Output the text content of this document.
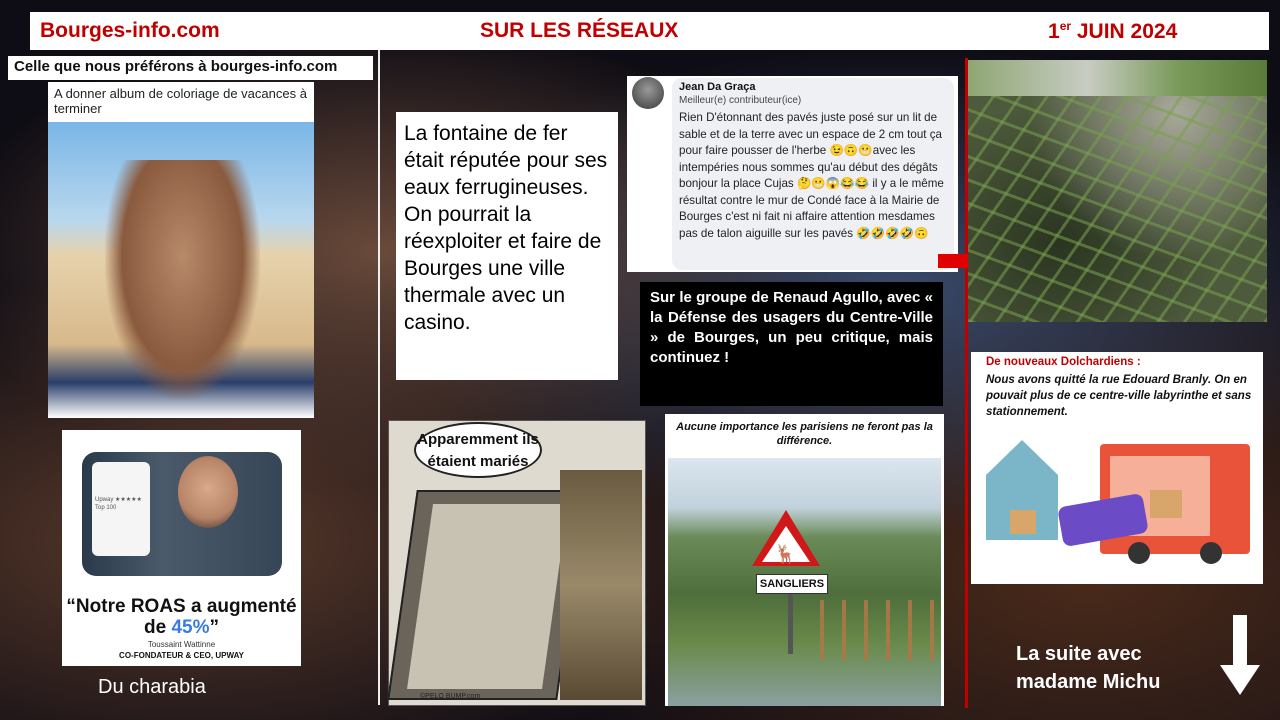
Bourges-info.com	SUR LES RÉSEAUX	1er JUIN 2024
Celle que nous préférons à bourges-info.com
A donner album de coloriage de vacances à terminer
Upway ★★★★★ Top 100
“Notre ROAS a augmenté de 45%”
Toussaint Wattinne
CO-FONDATEUR & CEO, UPWAY
Du charabia
La fontaine de fer était réputée pour ses eaux ferrugineuses. On pourrait la réexploiter et faire de Bourges une ville thermale avec un casino.
Jean Da Graça
Meilleur(e) contributeur(ice)
Rien D'étonnant des pavés juste posé sur un lit de sable et de la terre avec un espace de 2 cm tout ça pour faire pousser de l'herbe 😉🙃😬avec les intempéries nous sommes qu'au début des dégâts bonjour la place Cujas 🤔😬😱😂😂 il y a le même résultat contre le mur de Condé face à la Mairie de Bourges c'est ni fait ni affaire attention mesdames pas de talon aiguille sur les pavés 🤣🤣🤣🤣🙃
Sur le groupe de Renaud Agullo, avec « la Défense des usagers du Centre-Ville » de Bourges, un peu critique, mais continuez !
Apparemment ils étaient mariés
©PELO BUMP.com
Aucune importance les parisiens ne feront pas la différence.
🦌
SANGLIERS
De nouveaux Dolchardiens :
Nous avons quitté la rue Edouard Branly. On en pouvait plus de ce centre-ville labyrinthe et sans stationnement.
La suite avec
madame Michu
